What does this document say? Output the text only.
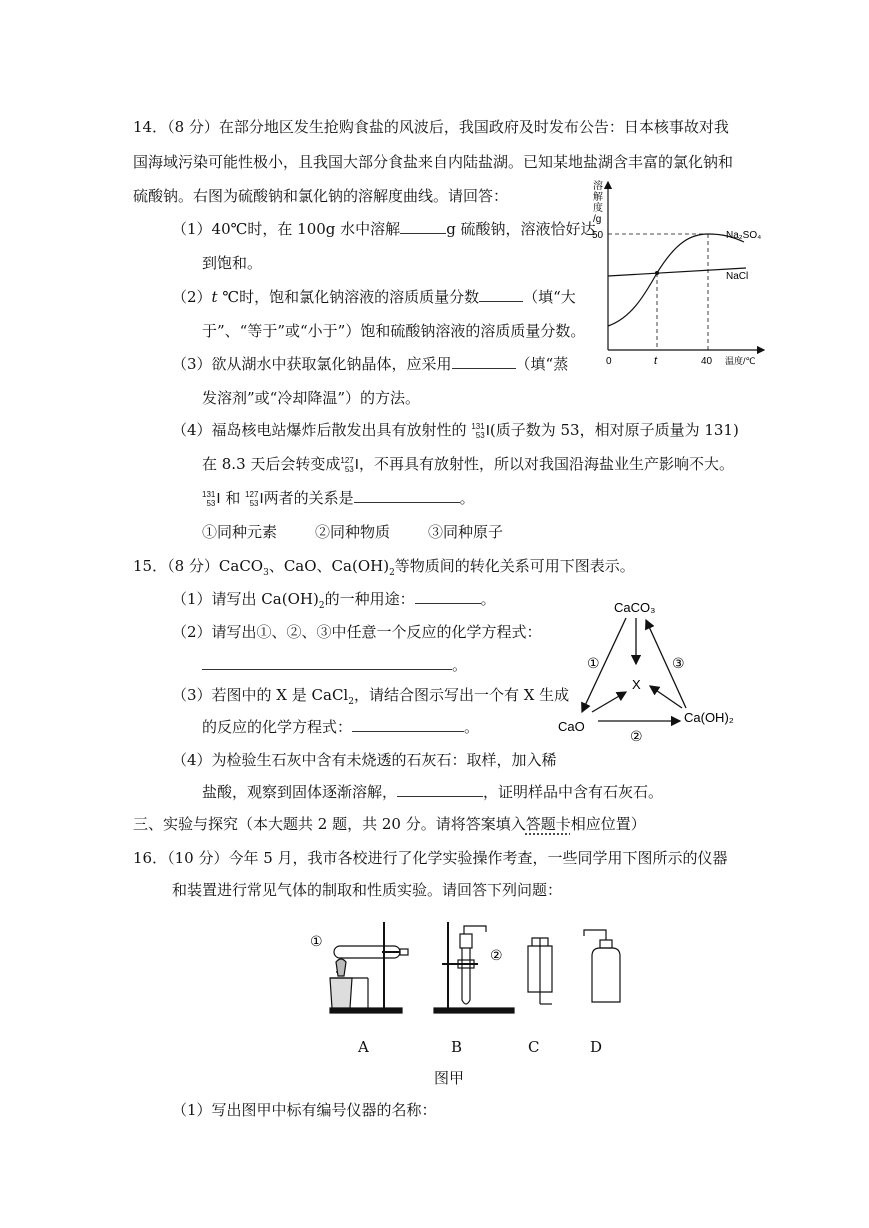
14．（8 分）在部分地区发生抢购食盐的风波后，我国政府及时发布公告：日本核事故对我
国海域污染可能性极小，且我国大部分食盐来自内陆盐湖。已知某地盐湖含丰富的氯化钠和
硫酸钠。右图为硫酸钠和氯化钠的溶解度曲线。请回答：
（1）40℃时，在 100g 水中溶解	g 硫酸钠，溶液恰好达
到饱和。
（2）t ℃时，饱和氯化钠溶液的溶质质量分数	（填“大
于”、“等于”或“小于”）饱和硫酸钠溶液的溶质质量分数。
（3）欲从湖水中获取氯化钠晶体，应采用	（填“蒸
发溶剂”或“冷却降温”）的方法。
（4）福岛核电站爆炸后散发出具有放射性的 131
53 I(质子数为 53，相对原子质量为 131)
在 8.3 天后会转变成 127
53 I，不再具有放射性，所以对我国沿海盐业生产影响不大。
131
53 I 和 127
53 I两者的关系是	。
①同种元素	②同种物质	③同种原子
溶
解
度
/g
50	Na₂SO₄
NaCl
0	t	40 温度/℃
15．（8 分）CaCO$_3$、CaO、$Ca(OH)_2$等物质间的转化关系可用下图表示。
（1）请写出 $Ca(OH)_2$的一种用途：	。
（2）请写出①、②、③中任意一个反应的化学方程式：
。
（3）若图中的 X 是 CaCl$_2$，请结合图示写出一个有 X 生成
的反应的化学方程式：	。
（4）为检验生石灰中含有未烧透的石灰石：取样，加入稀
盐酸，观察到固体逐渐溶解，	，证明样品中含有石灰石。
CaCO₃
CaO
Ca(OH)₂
X
①
②
③
三、实验与探究（本大题共 2 题，共 20 分。请将答案填入答题卡相应位置）
16．（10 分）今年 5 月，我市各校进行了化学实验操作考查，一些同学用下图所示的仪器
和装置进行常见气体的制取和性质实验。请回答下列问题：
①
②
A	B	C	D
图甲
（1）写出图甲中标有编号仪器的名称：
